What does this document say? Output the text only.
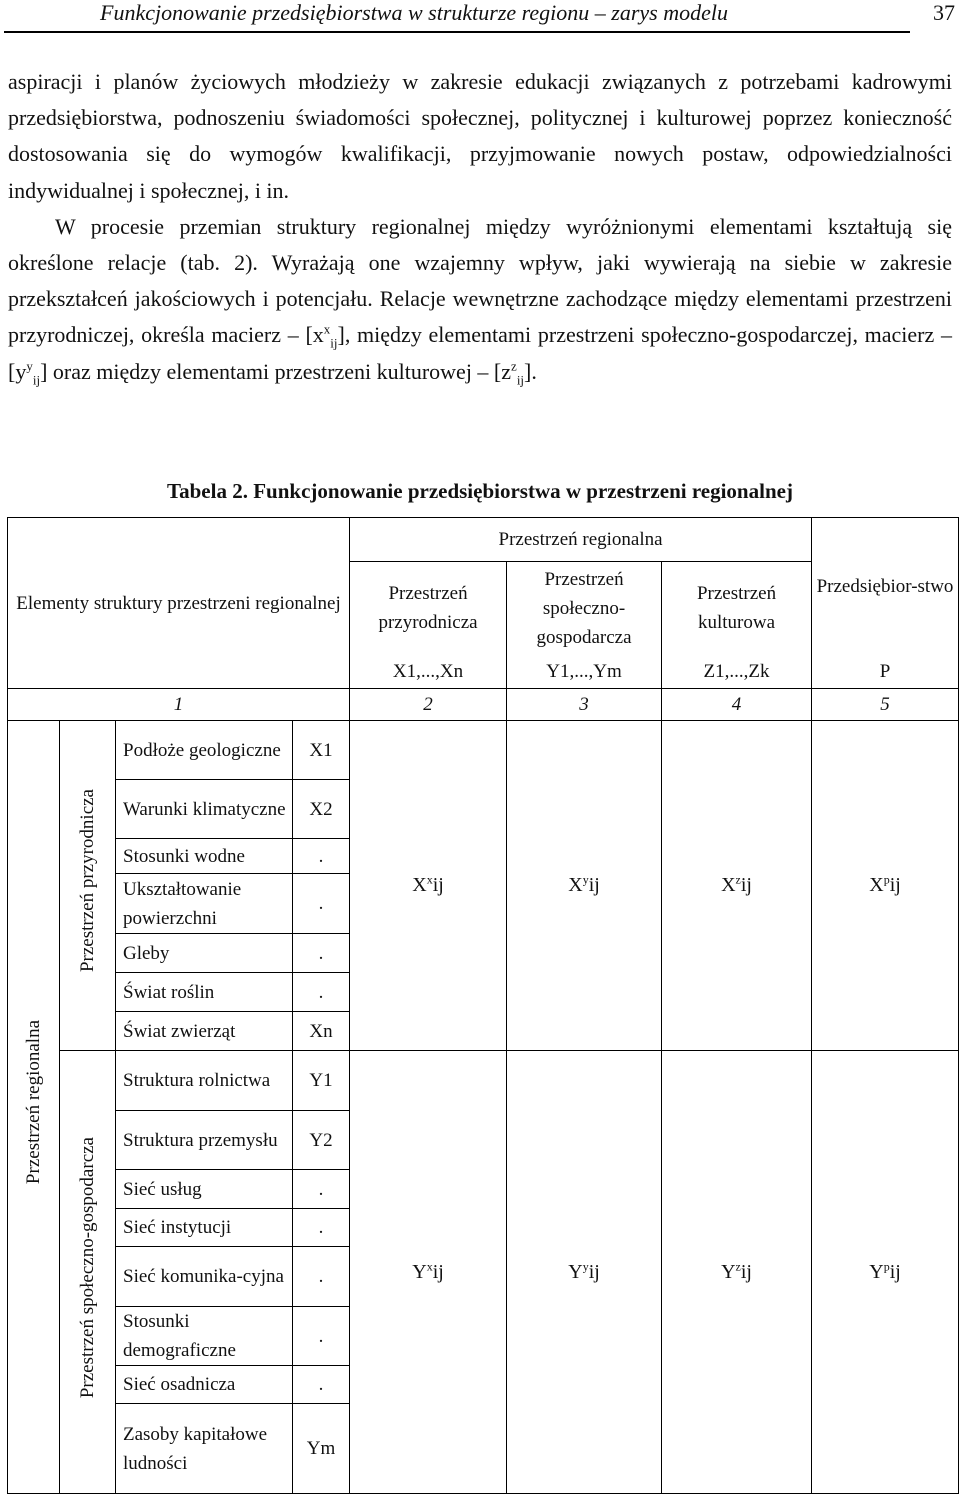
Funkcjonowanie przedsiębiorstwa w strukturze regionu – zarys modelu	37

aspiracji i planów życiowych młodzieży w zakresie edukacji związanych z potrzebami kadrowymi przedsiębiorstwa, podnoszeniu świadomości społecznej, politycznej i kulturowej poprzez konieczność dostosowania się do wymogów kwalifikacji, przyjmowanie nowych postaw, odpowiedzialności indywidualnej i społecznej, i in.

W procesie przemian struktury regionalnej między wyróżnionymi elementami kształtują się określone relacje (tab. 2). Wyrażają one wzajemny wpływ, jaki wywierają na siebie w zakresie przekształceń jakościowych i potencjału. Relacje wewnętrzne zachodzące między elementami przestrzeni przyrodniczej, określa macierz – $[x^x_{ij}]$, między elementami przestrzeni społeczno-gospodarczej, macierz – $[y^y_{ij}]$ oraz między elementami przestrzeni kulturowej – $[z^z_{ij}]$.

Tabela 2. Funkcjonowanie przedsiębiorstwa w przestrzeni regionalnej
Elementy struktury przestrzeni regionalnej				Przestrzeń regionalna			Przedsiębior-stwo
				Przestrzeń przyrodnicza	Przestrzeń społeczno-gospodarcza	Przestrzeń kulturowa	
				X1,...,Xn	Y1,...,Ym	Z1,...,Zk	P
1				2	3	4	5
Przestrzeń regionalna	Przestrzeń przyrodnicza	Podłoże geologiczne	X1	$X^xij$	$X^yij$	$X^zij$	$X^pij$
		Warunki klimatyczne	X2				
		Stosunki wodne	.				
		Ukształtowanie powierzchni	.				
		Gleby	.				
		Świat roślin	.				
		Świat zwierząt	Xn				
	Przestrzeń społeczno-gospodarcza	Struktura rolnictwa	Y1	$Y^xij$	$Y^yij$	$Y^zij$	$Y^pij$
		Struktura przemysłu	Y2				
		Sieć usług	.				
		Sieć instytucji	.				
		Sieć komunika-cyjna	.				
		Stosunki demograficzne	.				
		Sieć osadnicza	.				
		Zasoby kapitałowe ludności	Ym				
